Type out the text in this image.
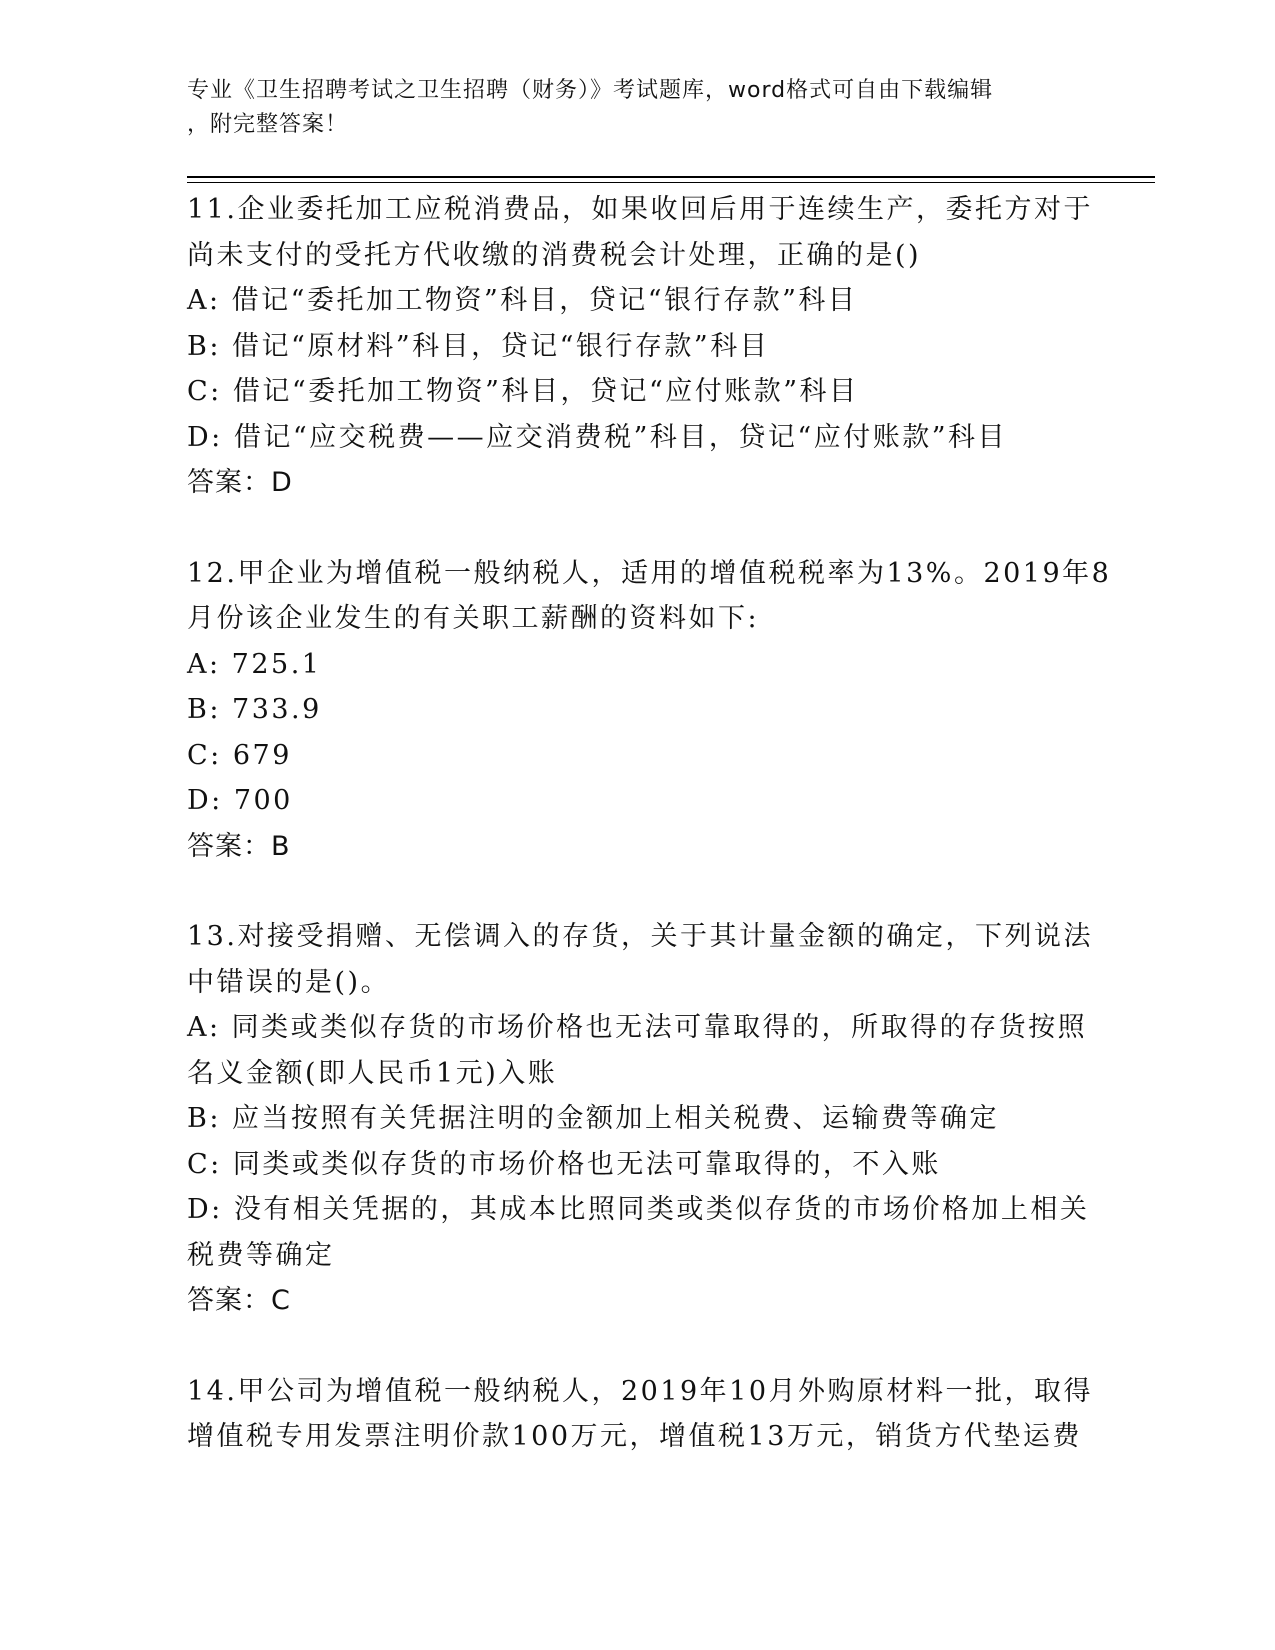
专业《卫生招聘考试之卫生招聘（财务）》考试题库，word格式可自由下载编辑
，附完整答案！
11.企业委托加工应税消费品，如果收回后用于连续生产，委托方对于
尚未支付的受托方代收缴的消费税会计处理，正确的是()
A: 借记“委托加工物资”科目，贷记“银行存款”科目
B: 借记“原材料”科目，贷记“银行存款”科目
C: 借记“委托加工物资”科目，贷记“应付账款”科目
D: 借记“应交税费——应交消费税”科目，贷记“应付账款”科目
答案：D
12.甲企业为增值税一般纳税人，适用的增值税税率为13%。2019年8
月份该企业发生的有关职工薪酬的资料如下:
A: 725.1
B: 733.9
C: 679
D: 700
答案：B
13.对接受捐赠、无偿调入的存货，关于其计量金额的确定，下列说法
中错误的是()。
A: 同类或类似存货的市场价格也无法可靠取得的，所取得的存货按照
名义金额(即人民币1元)入账
B: 应当按照有关凭据注明的金额加上相关税费、运输费等确定
C: 同类或类似存货的市场价格也无法可靠取得的，不入账
D: 没有相关凭据的，其成本比照同类或类似存货的市场价格加上相关
税费等确定
答案：C
14.甲公司为增值税一般纳税人，2019年10月外购原材料一批，取得
增值税专用发票注明价款100万元，增值税13万元，销货方代垫运费
